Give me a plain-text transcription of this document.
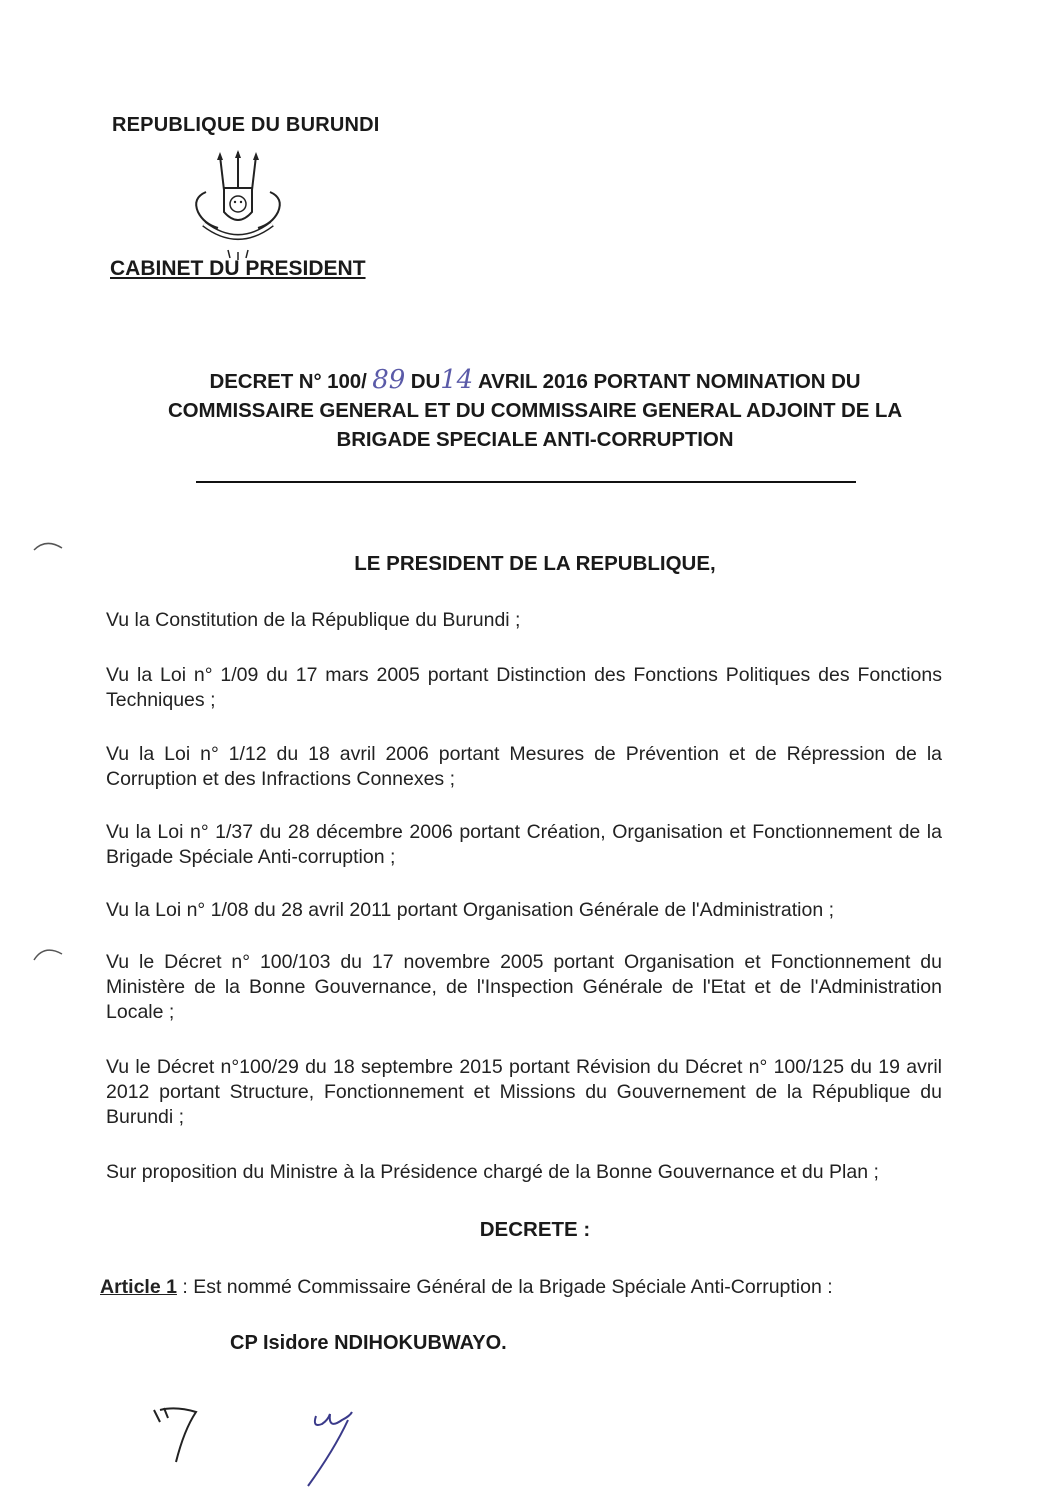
REPUBLIQUE DU BURUNDI
CABINET DU PRESIDENT
DECRET N° 100/ 89 DU14 AVRIL 2016 PORTANT NOMINATION DU
COMMISSAIRE GENERAL ET DU COMMISSAIRE GENERAL ADJOINT DE LA
BRIGADE SPECIALE ANTI-CORRUPTION
LE PRESIDENT DE LA REPUBLIQUE,
Vu la Constitution de la République du Burundi ;
Vu la Loi n° 1/09 du 17 mars 2005 portant Distinction des Fonctions Politiques des Fonctions Techniques ;
Vu la Loi n° 1/12 du 18 avril 2006 portant Mesures de Prévention et de Répression de la Corruption et des Infractions Connexes ;
Vu la Loi n° 1/37 du 28 décembre 2006 portant Création, Organisation et Fonctionnement de la Brigade Spéciale Anti-corruption ;
Vu la Loi n° 1/08 du 28 avril 2011 portant Organisation Générale de l'Administration ;
Vu le Décret n° 100/103 du 17 novembre 2005 portant Organisation et Fonctionnement du Ministère de la Bonne Gouvernance, de l'Inspection Générale de l'Etat et de l'Administration Locale ;
Vu le Décret n°100/29 du 18 septembre 2015 portant Révision du Décret n° 100/125 du 19 avril 2012 portant Structure, Fonctionnement et Missions du Gouvernement de la République du Burundi ;
Sur proposition du Ministre à la Présidence chargé de la Bonne Gouvernance et du Plan ;
DECRETE :
Article 1 : Est nommé Commissaire Général de la Brigade Spéciale Anti-Corruption :
CP Isidore NDIHOKUBWAYO.
